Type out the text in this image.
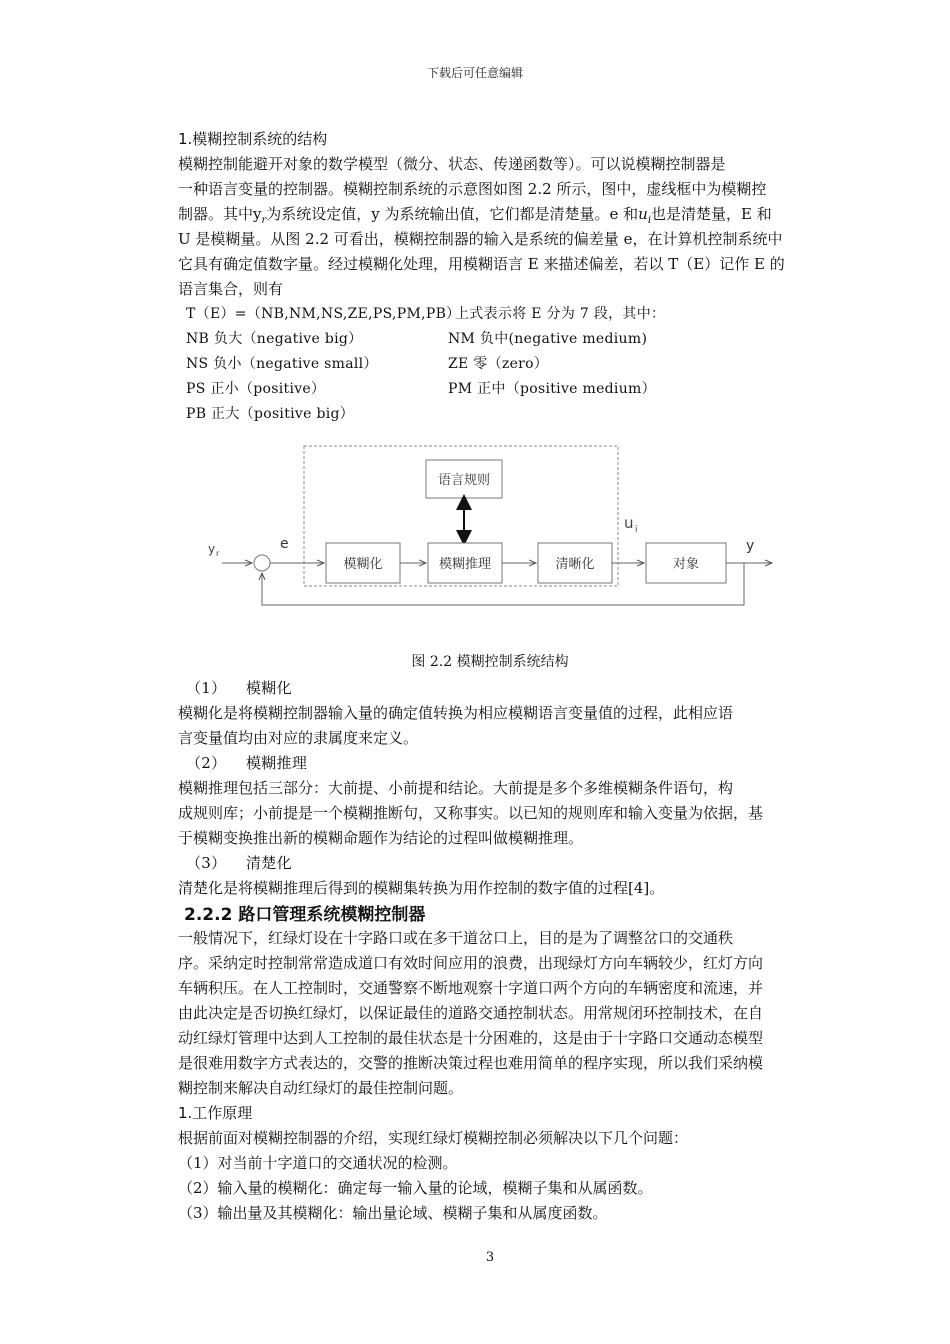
下载后可任意编辑
1.模糊控制系统的结构
模糊控制能避开对象的数学模型（微分、状态、传递函数等）。可以说模糊控制器是
一种语言变量的控制器。模糊控制系统的示意图如图 2.2 所示，图中，虚线框中为模糊控
制器。其中$y_r$为系统设定值，y 为系统输出值，它们都是清楚量。e 和$u_i$也是清楚量，E 和
U 是模糊量。从图 2.2 可看出，模糊控制器的输入是系统的偏差量 e，在计算机控制系统中
它具有确定值数字量。经过模糊化处理，用模糊语言 E 来描述偏差，若以 T（E）记作 E 的
语言集合，则有
T（E）=（NB,NM,NS,ZE,PS,PM,PB）
上式表示将 E 分为 7 段，其中：
NB 负大（negative big）	NM 负中(negative medium)
NS 负小（negative small）	ZE 零（zero）
PS 正小（positive）	PM 正中（positive medium）
PB 正大（positive big）
语言规则
模糊化	模糊推理	清晰化	对象
y r
e
u i
y
图 2.2 模糊控制系统结构
（1） 模糊化
模糊化是将模糊控制器输入量的确定值转换为相应模糊语言变量值的过程，此相应语
言变量值均由对应的隶属度来定义。
（2） 模糊推理
模糊推理包括三部分：大前提、小前提和结论。大前提是多个多维模糊条件语句，构
成规则库；小前提是一个模糊推断句，又称事实。以已知的规则库和输入变量为依据，基
于模糊变换推出新的模糊命题作为结论的过程叫做模糊推理。
（3） 清楚化
清楚化是将模糊推理后得到的模糊集转换为用作控制的数字值的过程[4]。
2.2.2 路口管理系统模糊控制器
一般情况下，红绿灯设在十字路口或在多干道岔口上，目的是为了调整岔口的交通秩
序。采纳定时控制常常造成道口有效时间应用的浪费，出现绿灯方向车辆较少，红灯方向
车辆积压。在人工控制时，交通警察不断地观察十字道口两个方向的车辆密度和流速，并
由此决定是否切换红绿灯，以保证最佳的道路交通控制状态。用常规闭环控制技术，在自
动红绿灯管理中达到人工控制的最佳状态是十分困难的，这是由于十字路口交通动态模型
是很难用数字方式表达的，交警的推断决策过程也难用简单的程序实现，所以我们采纳模
糊控制来解决自动红绿灯的最佳控制问题。
1.工作原理
根据前面对模糊控制器的介绍，实现红绿灯模糊控制必须解决以下几个问题：
（1）对当前十字道口的交通状况的检测。
（2）输入量的模糊化：确定每一输入量的论域，模糊子集和从属函数。
（3）输出量及其模糊化：输出量论域、模糊子集和从属度函数。
3
